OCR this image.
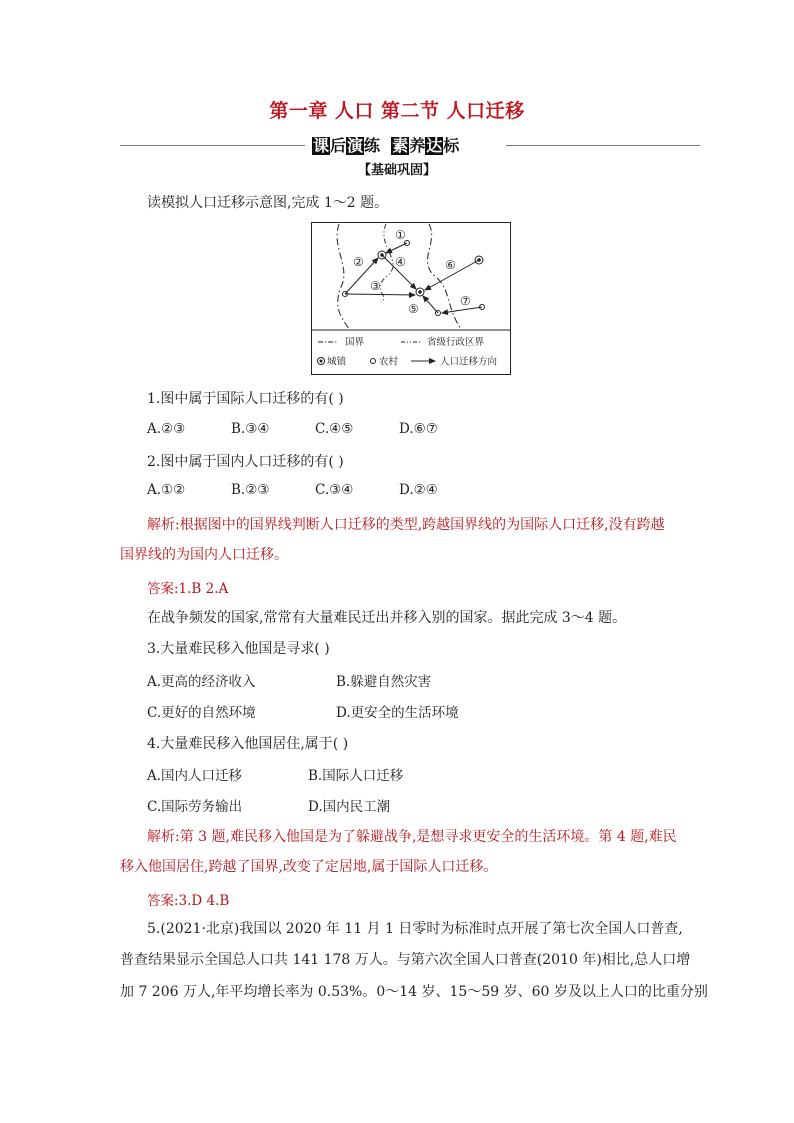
第一章 人口 第二节 人口迁移
课后演练 素养达标
【基础巩固】
读模拟人口迁移示意图,完成 1～2 题。
①
②
③
④
⑤
⑥
⑦
国界	省级行政区界
城镇	农村	人口迁移方向
1.图中属于国际人口迁移的有( )
A.②③	B.③④	C.④⑤	D.⑥⑦
2.图中属于国内人口迁移的有( )
A.①②	B.②③	C.③④	D.②④
解析:根据图中的国界线判断人口迁移的类型,跨越国界线的为国际人口迁移,没有跨越
国界线的为国内人口迁移。
答案:1.B 2.A
在战争频发的国家,常常有大量难民迁出并移入别的国家。据此完成 3～4 题。
3.大量难民移入他国是寻求( )
A.更高的经济收入	B.躲避自然灾害
C.更好的自然环境	D.更安全的生活环境
4.大量难民移入他国居住,属于( )
A.国内人口迁移	B.国际人口迁移
C.国际劳务输出	D.国内民工潮
解析:第 3 题,难民移入他国是为了躲避战争,是想寻求更安全的生活环境。第 4 题,难民
移入他国居住,跨越了国界,改变了定居地,属于国际人口迁移。
答案:3.D 4.B
5.(2021·北京)我国以 2020 年 11 月 1 日零时为标准时点开展了第七次全国人口普查,
普查结果显示全国总人口共 141 178 万人。与第六次全国人口普查(2010 年)相比,总人口增
加 7 206 万人,年平均增长率为 0.53%。0～14 岁、15～59 岁、60 岁及以上人口的比重分别
